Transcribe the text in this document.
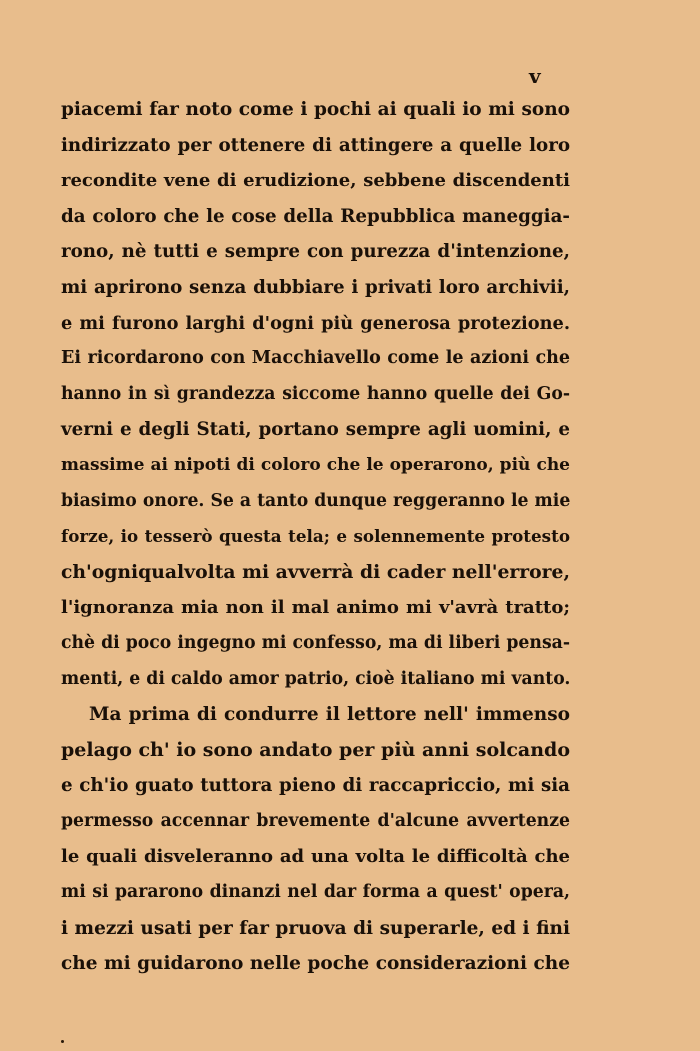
v
piacemi far noto come i pochi ai quali io mi sono
indirizzato per ottenere di attingere a quelle loro
recondite vene di erudizione, sebbene discendenti
da coloro che le cose della Repubblica maneggia-
rono, nè tutti e sempre con purezza d'intenzione,
mi aprirono senza dubbiare i privati loro archivii,
e mi furono larghi d'ogni più generosa protezione.
Ei ricordarono con Macchiavello come le azioni che
hanno in sì grandezza siccome hanno quelle dei Go-
verni e degli Stati, portano sempre agli uomini, e
massime ai nipoti di coloro che le operarono, più che
biasimo onore. Se a tanto dunque reggeranno le mie
forze, io tesserò questa tela; e solennemente protesto
ch'ogniqualvolta mi avverrà di cader nell'errore,
l'ignoranza mia non il mal animo mi v'avrà tratto;
chè di poco ingegno mi confesso, ma di liberi pensa-
menti, e di caldo amor patrio, cioè italiano mi vanto.
Ma prima di condurre il lettore nell' immenso
pelago ch' io sono andato per più anni solcando
e ch'io guato tuttora pieno di raccapriccio, mi sia
permesso accennar brevemente d'alcune avvertenze
le quali disveleranno ad una volta le difficoltà che
mi si pararono dinanzi nel dar forma a quest' opera,
i mezzi usati per far pruova di superarle, ed i fini
che mi guidarono nelle poche considerazioni che
